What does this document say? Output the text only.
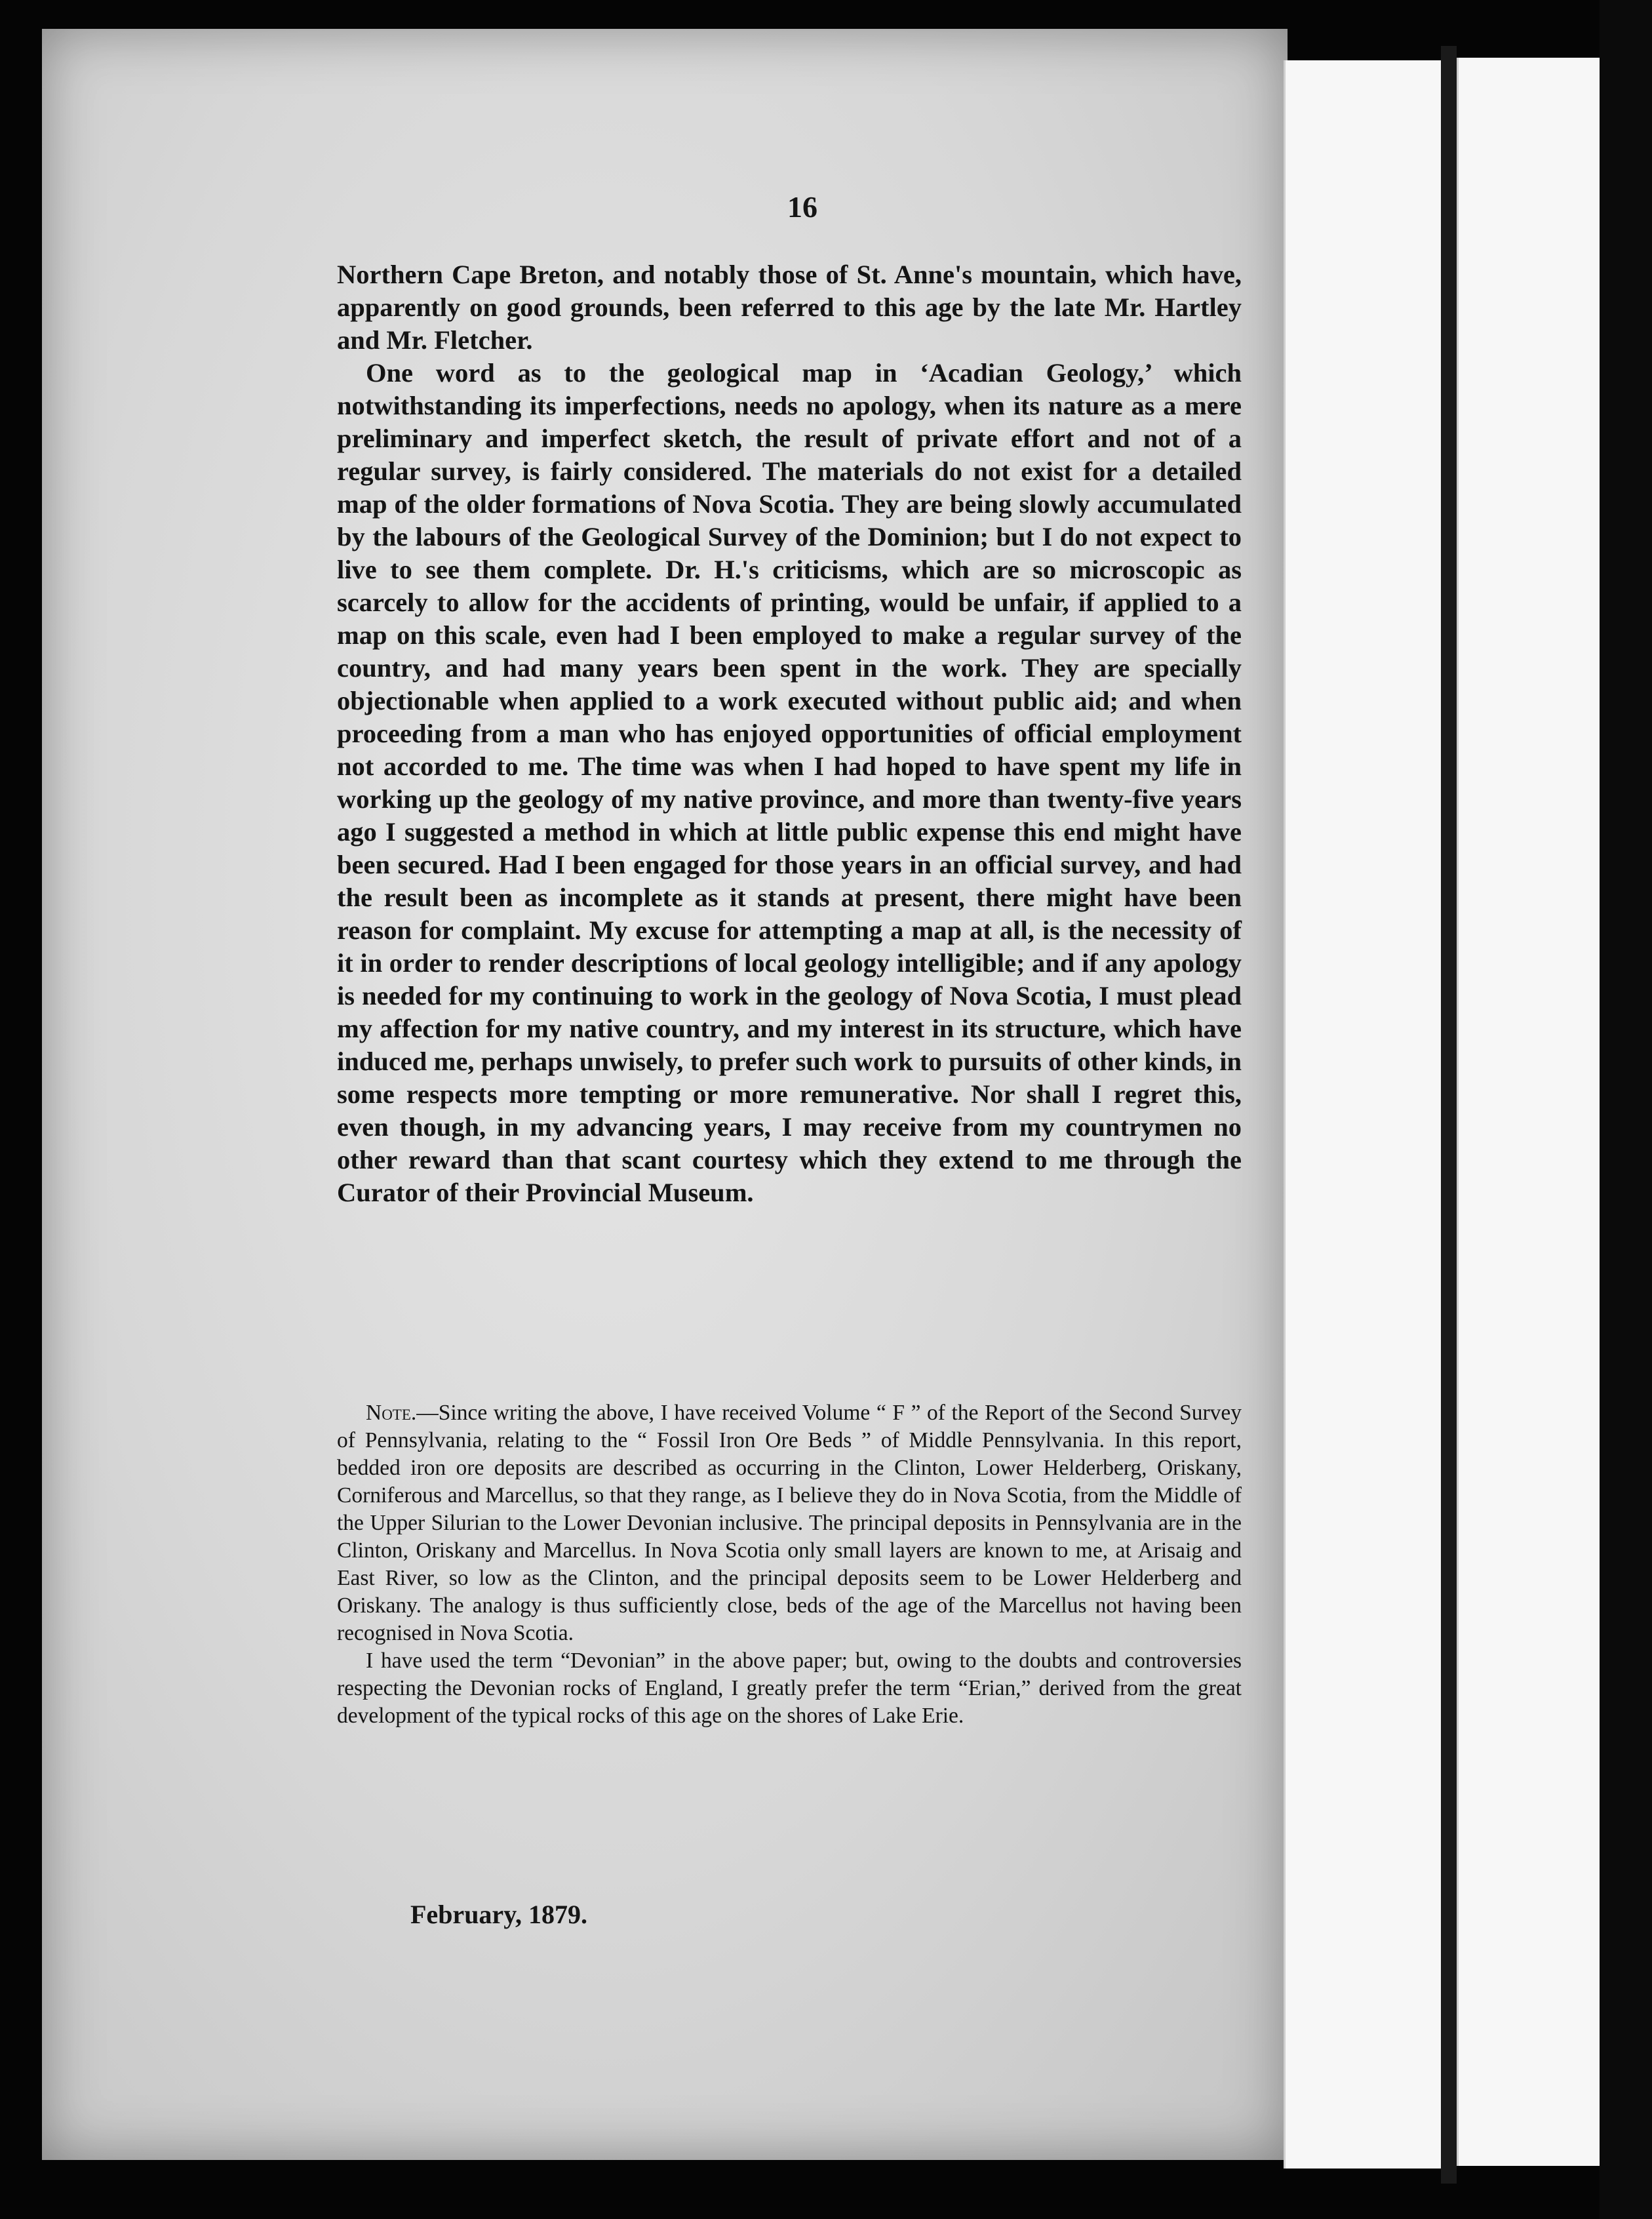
16

Northern Cape Breton, and notably those of St. Anne's mountain, which have, apparently on good grounds, been referred to this age by the late Mr. Hartley and Mr. Fletcher.

One word as to the geological map in ‘Acadian Geology,’ which notwithstanding its imperfections, needs no apology, when its nature as a mere preliminary and imperfect sketch, the result of private effort and not of a regular survey, is fairly considered. The materials do not exist for a detailed map of the older formations of Nova Scotia. They are being slowly accumulated by the labours of the Geological Survey of the Dominion; but I do not expect to live to see them complete. Dr. H.'s criticisms, which are so microscopic as scarcely to allow for the accidents of printing, would be unfair, if applied to a map on this scale, even had I been employed to make a regular survey of the country, and had many years been spent in the work. They are specially objectionable when applied to a work executed without public aid; and when proceeding from a man who has enjoyed opportunities of official employment not accorded to me. The time was when I had hoped to have spent my life in working up the geology of my native province, and more than twenty-five years ago I suggested a method in which at little public expense this end might have been secured. Had I been engaged for those years in an official survey, and had the result been as incomplete as it stands at present, there might have been reason for complaint. My excuse for attempting a map at all, is the necessity of it in order to render descriptions of local geology intelligible; and if any apology is needed for my continuing to work in the geology of Nova Scotia, I must plead my affection for my native country, and my interest in its structure, which have induced me, perhaps unwisely, to prefer such work to pursuits of other kinds, in some respects more tempting or more remunerative. Nor shall I regret this, even though, in my advancing years, I may receive from my countrymen no other reward than that scant courtesy which they extend to me through the Curator of their Provincial Museum.

Note.—Since writing the above, I have received Volume “ F ” of the Report of the Second Survey of Pennsylvania, relating to the “ Fossil Iron Ore Beds ” of Middle Pennsylvania. In this report, bedded iron ore deposits are described as occurring in the Clinton, Lower Helderberg, Oriskany, Corniferous and Marcellus, so that they range, as I believe they do in Nova Scotia, from the Middle of the Upper Silurian to the Lower Devonian inclusive. The principal deposits in Pennsylvania are in the Clinton, Oriskany and Marcellus. In Nova Scotia only small layers are known to me, at Arisaig and East River, so low as the Clinton, and the principal deposits seem to be Lower Helderberg and Oriskany. The analogy is thus sufficiently close, beds of the age of the Marcellus not having been recognised in Nova Scotia.

I have used the term “Devonian” in the above paper; but, owing to the doubts and controversies respecting the Devonian rocks of England, I greatly prefer the term “Erian,” derived from the great development of the typical rocks of this age on the shores of Lake Erie.

February, 1879.
